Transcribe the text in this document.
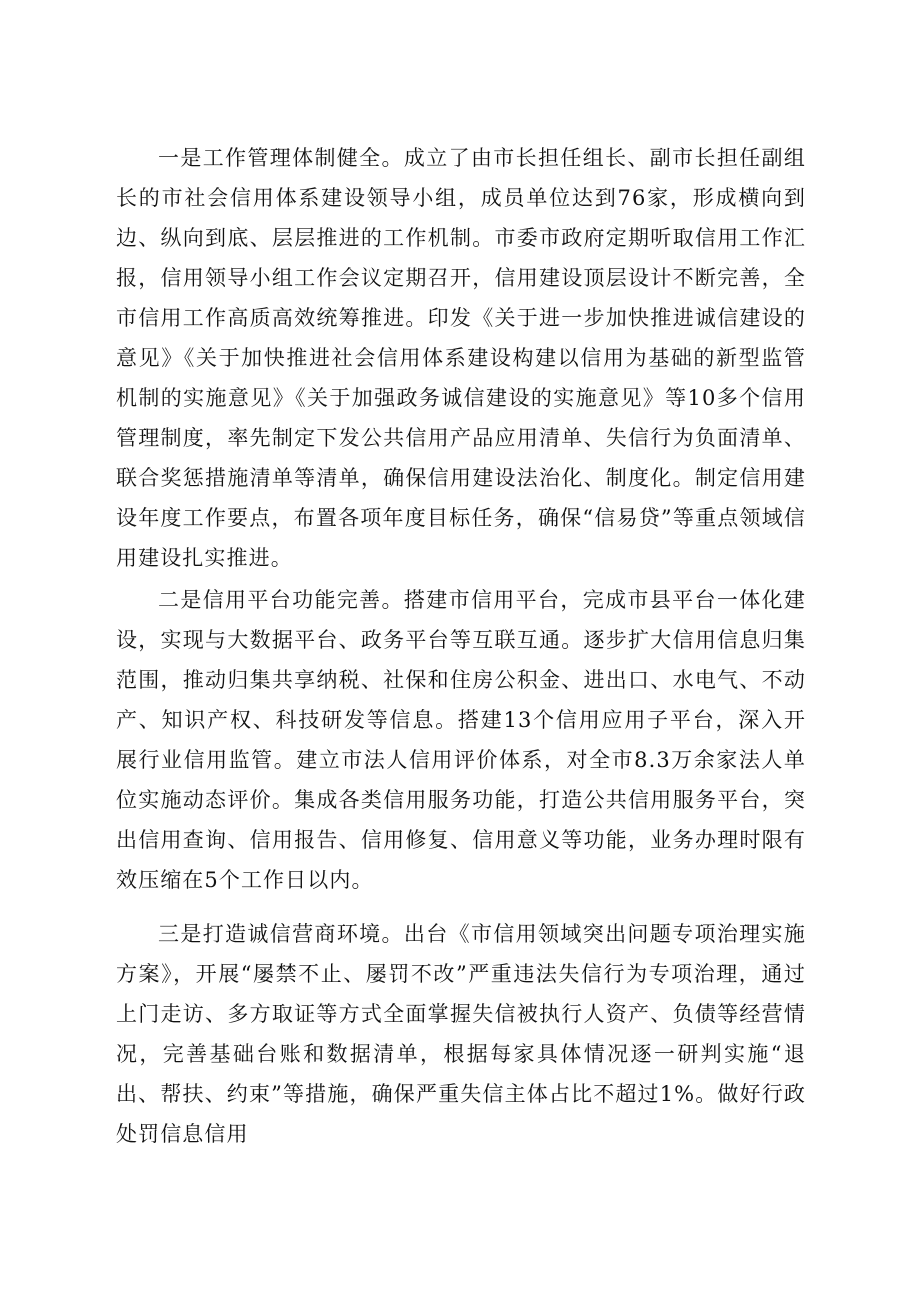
一是工作管理体制健全。成立了由市长担任组长、副市长担任副组长的市社会信用体系建设领导小组，成员单位达到76家，形成横向到边、纵向到底、层层推进的工作机制。市委市政府定期听取信用工作汇报，信用领导小组工作会议定期召开，信用建设顶层设计不断完善，全市信用工作高质高效统筹推进。印发《关于进一步加快推进诚信建设的意见》《关于加快推进社会信用体系建设构建以信用为基础的新型监管机制的实施意见》《关于加强政务诚信建设的实施意见》等10多个信用管理制度，率先制定下发公共信用产品应用清单、失信行为负面清单、联合奖惩措施清单等清单，确保信用建设法治化、制度化。制定信用建设年度工作要点，布置各项年度目标任务，确保“信易贷”等重点领域信用建设扎实推进。

二是信用平台功能完善。搭建市信用平台，完成市县平台一体化建设，实现与大数据平台、政务平台等互联互通。逐步扩大信用信息归集范围，推动归集共享纳税、社保和住房公积金、进出口、水电气、不动产、知识产权、科技研发等信息。搭建13个信用应用子平台，深入开展行业信用监管。建立市法人信用评价体系，对全市8.3万余家法人单位实施动态评价。集成各类信用服务功能，打造公共信用服务平台，突出信用查询、信用报告、信用修复、信用意义等功能，业务办理时限有效压缩在5个工作日以内。

三是打造诚信营商环境。出台《市信用领域突出问题专项治理实施方案》，开展“屡禁不止、屡罚不改”严重违法失信行为专项治理，通过上门走访、多方取证等方式全面掌握失信被执行人资产、负债等经营情况，完善基础台账和数据清单，根据每家具体情况逐一研判实施“退出、帮扶、约束”等措施，确保严重失信主体占比不超过1%。做好行政处罚信息信用
